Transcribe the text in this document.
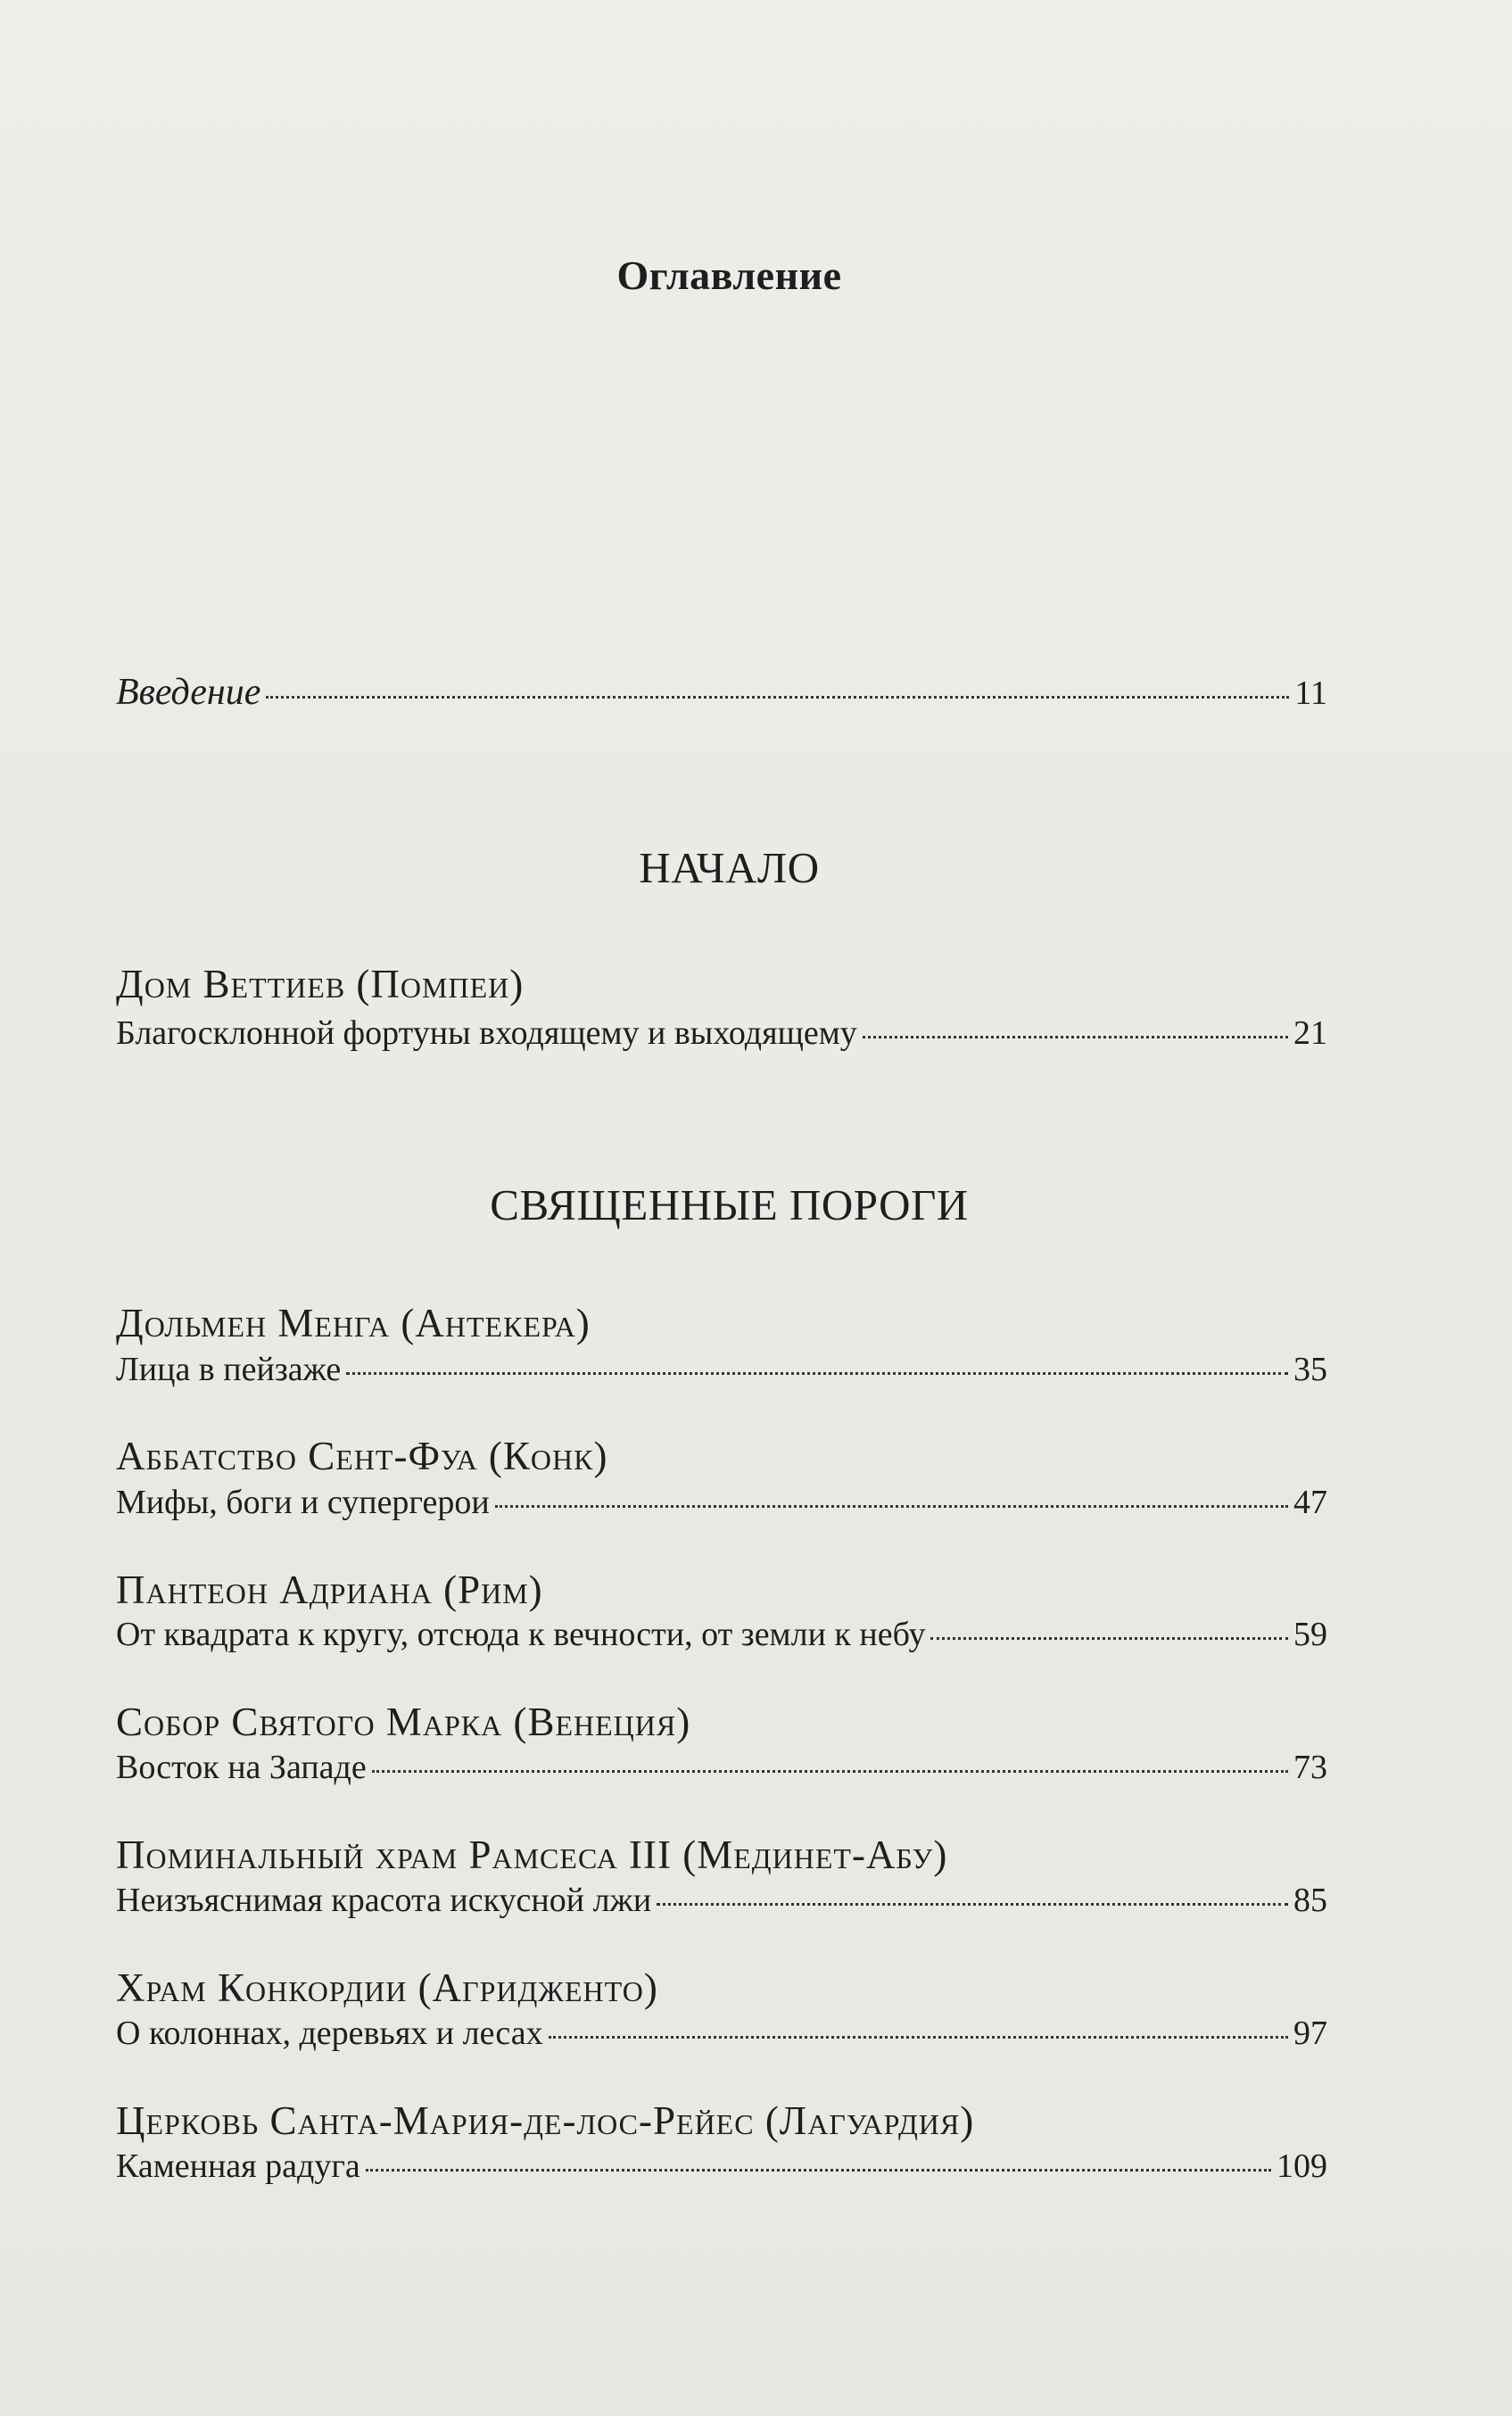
Оглавление
Введение	11
НАЧАЛО
Дом Веттиев (Помпеи)
Благосклонной фортуны входящему и выходящему	21
СВЯЩЕННЫЕ ПОРОГИ
Дольмен Менга (Антекера)
Лица в пейзаже	35
Аббатство Сент-Фуа (Конк)
Мифы, боги и супергерои	47
Пантеон Адриана (Рим)
От квадрата к кругу, отсюда к вечности, от земли к небу	59
Собор Святого Марка (Венеция)
Восток на Западе	73
Поминальный храм Рамсеса III (Мединет-Абу)
Неизъяснимая красота искусной лжи	85
Храм Конкордии (Агридженто)
О колоннах, деревьях и лесах	97
Церковь Санта-Мария-де-лос-Рейес (Лагуардия)
Каменная радуга	109
